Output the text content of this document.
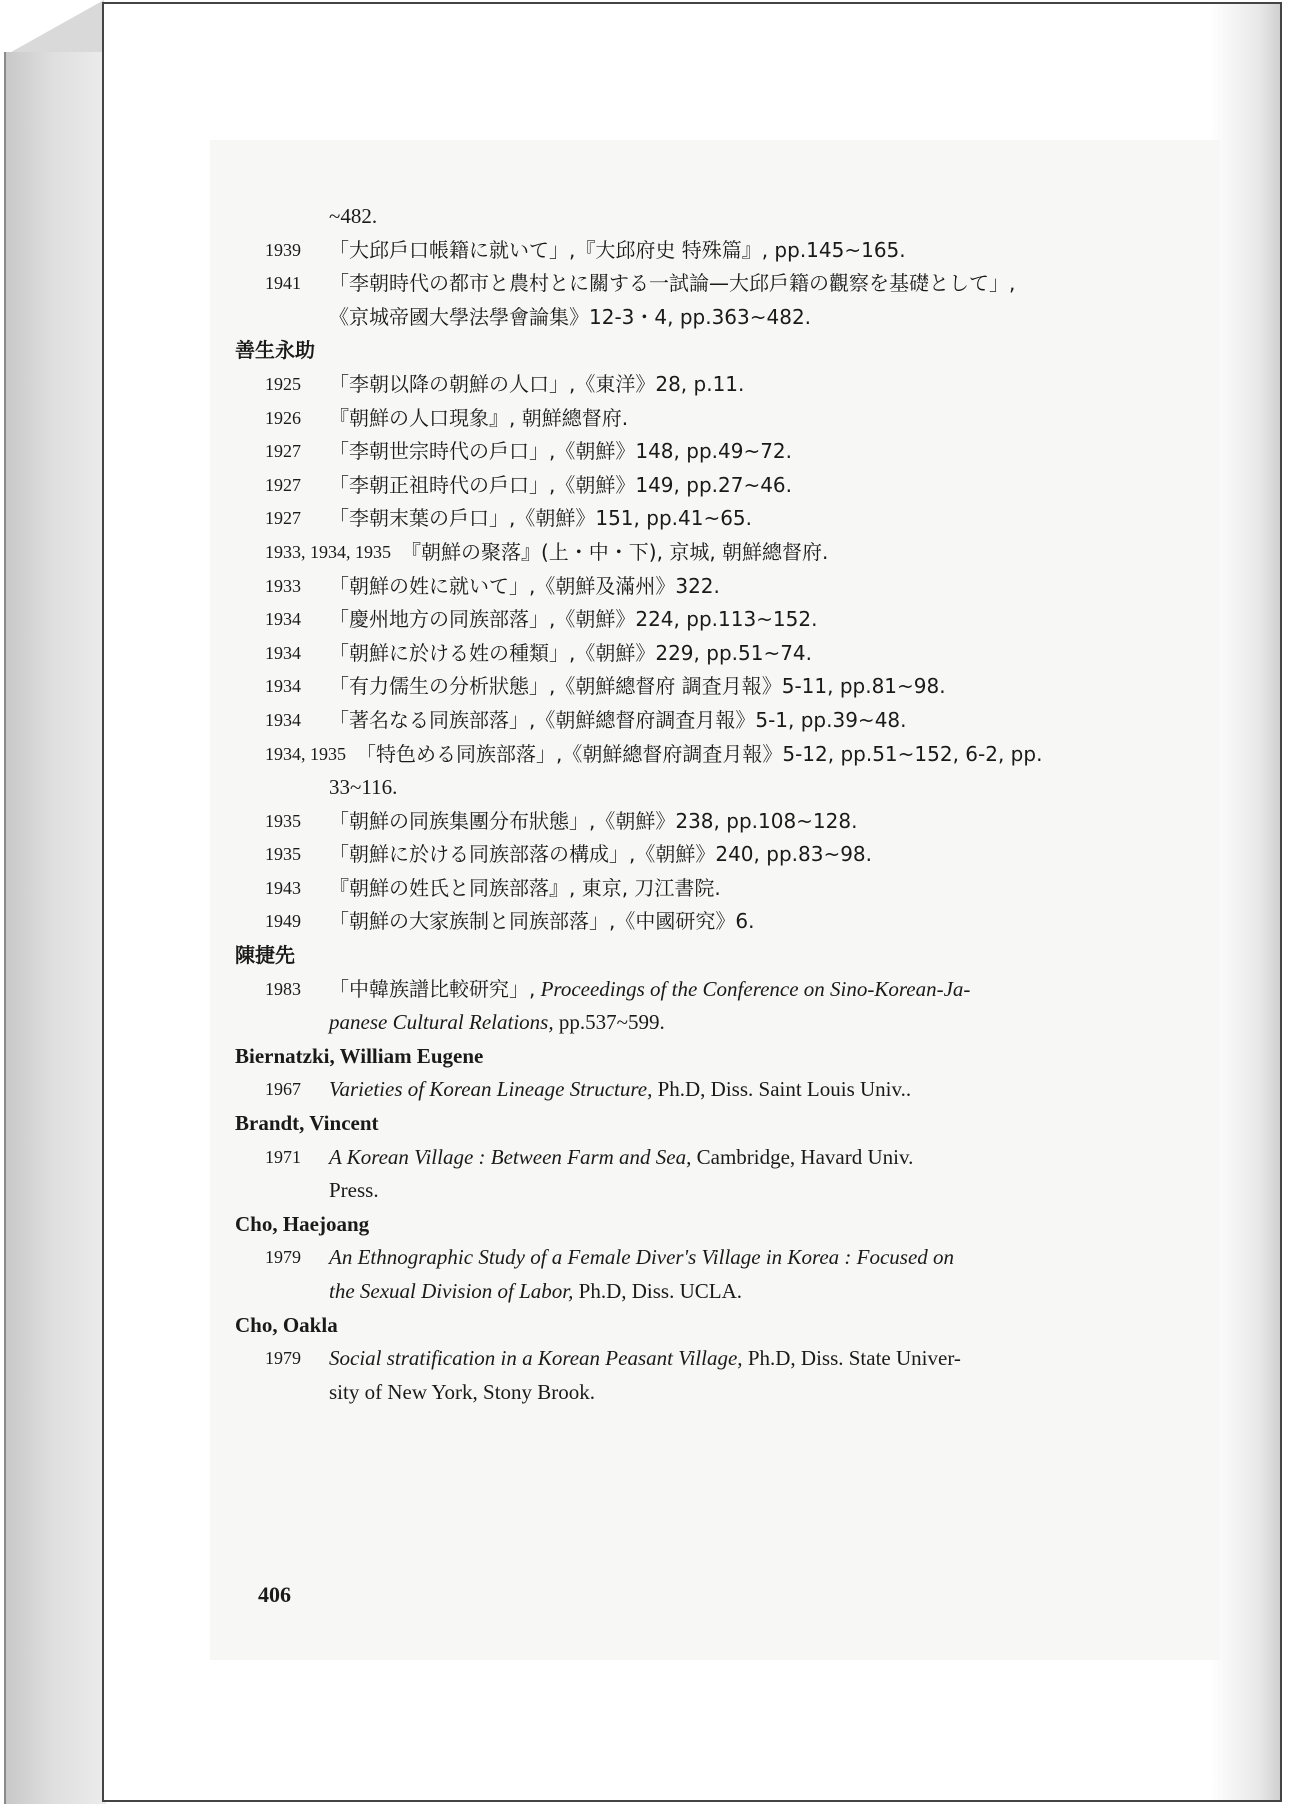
~482.
1939	「大邱戶口帳籍に就いて」,『大邱府史 特殊篇』, pp.145~165.
1941	「李朝時代の都市と農村とに關する一試論—大邱戶籍の觀察を基礎として」,
《京城帝國大學法學會論集》12-3・4, pp.363~482.
善生永助
1925	「李朝以降の朝鮮の人口」,《東洋》28, p.11.
1926	『朝鮮の人口現象』, 朝鮮總督府.
1927	「李朝世宗時代の戶口」,《朝鮮》148, pp.49~72.
1927	「李朝正祖時代の戶口」,《朝鮮》149, pp.27~46.
1927	「李朝末葉の戶口」,《朝鮮》151, pp.41~65.
1933, 1934, 1935 『朝鮮の聚落』(上・中・下), 京城, 朝鮮總督府.
1933	「朝鮮の姓に就いて」,《朝鮮及滿州》322.
1934	「慶州地方の同族部落」,《朝鮮》224, pp.113~152.
1934	「朝鮮に於ける姓の種類」,《朝鮮》229, pp.51~74.
1934	「有力儒生の分析狀態」,《朝鮮總督府 調査月報》5-11, pp.81~98.
1934	「著名なる同族部落」,《朝鮮總督府調査月報》5-1, pp.39~48.
1934, 1935 「特色める同族部落」,《朝鮮總督府調査月報》5-12, pp.51~152, 6-2, pp.
33~116.
1935	「朝鮮の同族集團分布狀態」,《朝鮮》238, pp.108~128.
1935	「朝鮮に於ける同族部落の構成」,《朝鮮》240, pp.83~98.
1943	『朝鮮の姓氏と同族部落』, 東京, 刀江書院.
1949	「朝鮮の大家族制と同族部落」,《中國研究》6.
陳捷先
1983	「中韓族譜比較研究」, Proceedings of the Conference on Sino-Korean-Ja-
panese Cultural Relations, pp.537~599.
Biernatzki, William Eugene
1967	Varieties of Korean Lineage Structure, Ph.D, Diss. Saint Louis Univ..
Brandt, Vincent
1971	A Korean Village : Between Farm and Sea, Cambridge, Havard Univ.
Press.
Cho, Haejoang
1979	An Ethnographic Study of a Female Diver's Village in Korea : Focused on
the Sexual Division of Labor, Ph.D, Diss. UCLA.
Cho, Oakla
1979	Social stratification in a Korean Peasant Village, Ph.D, Diss. State Univer-
sity of New York, Stony Brook.
406
